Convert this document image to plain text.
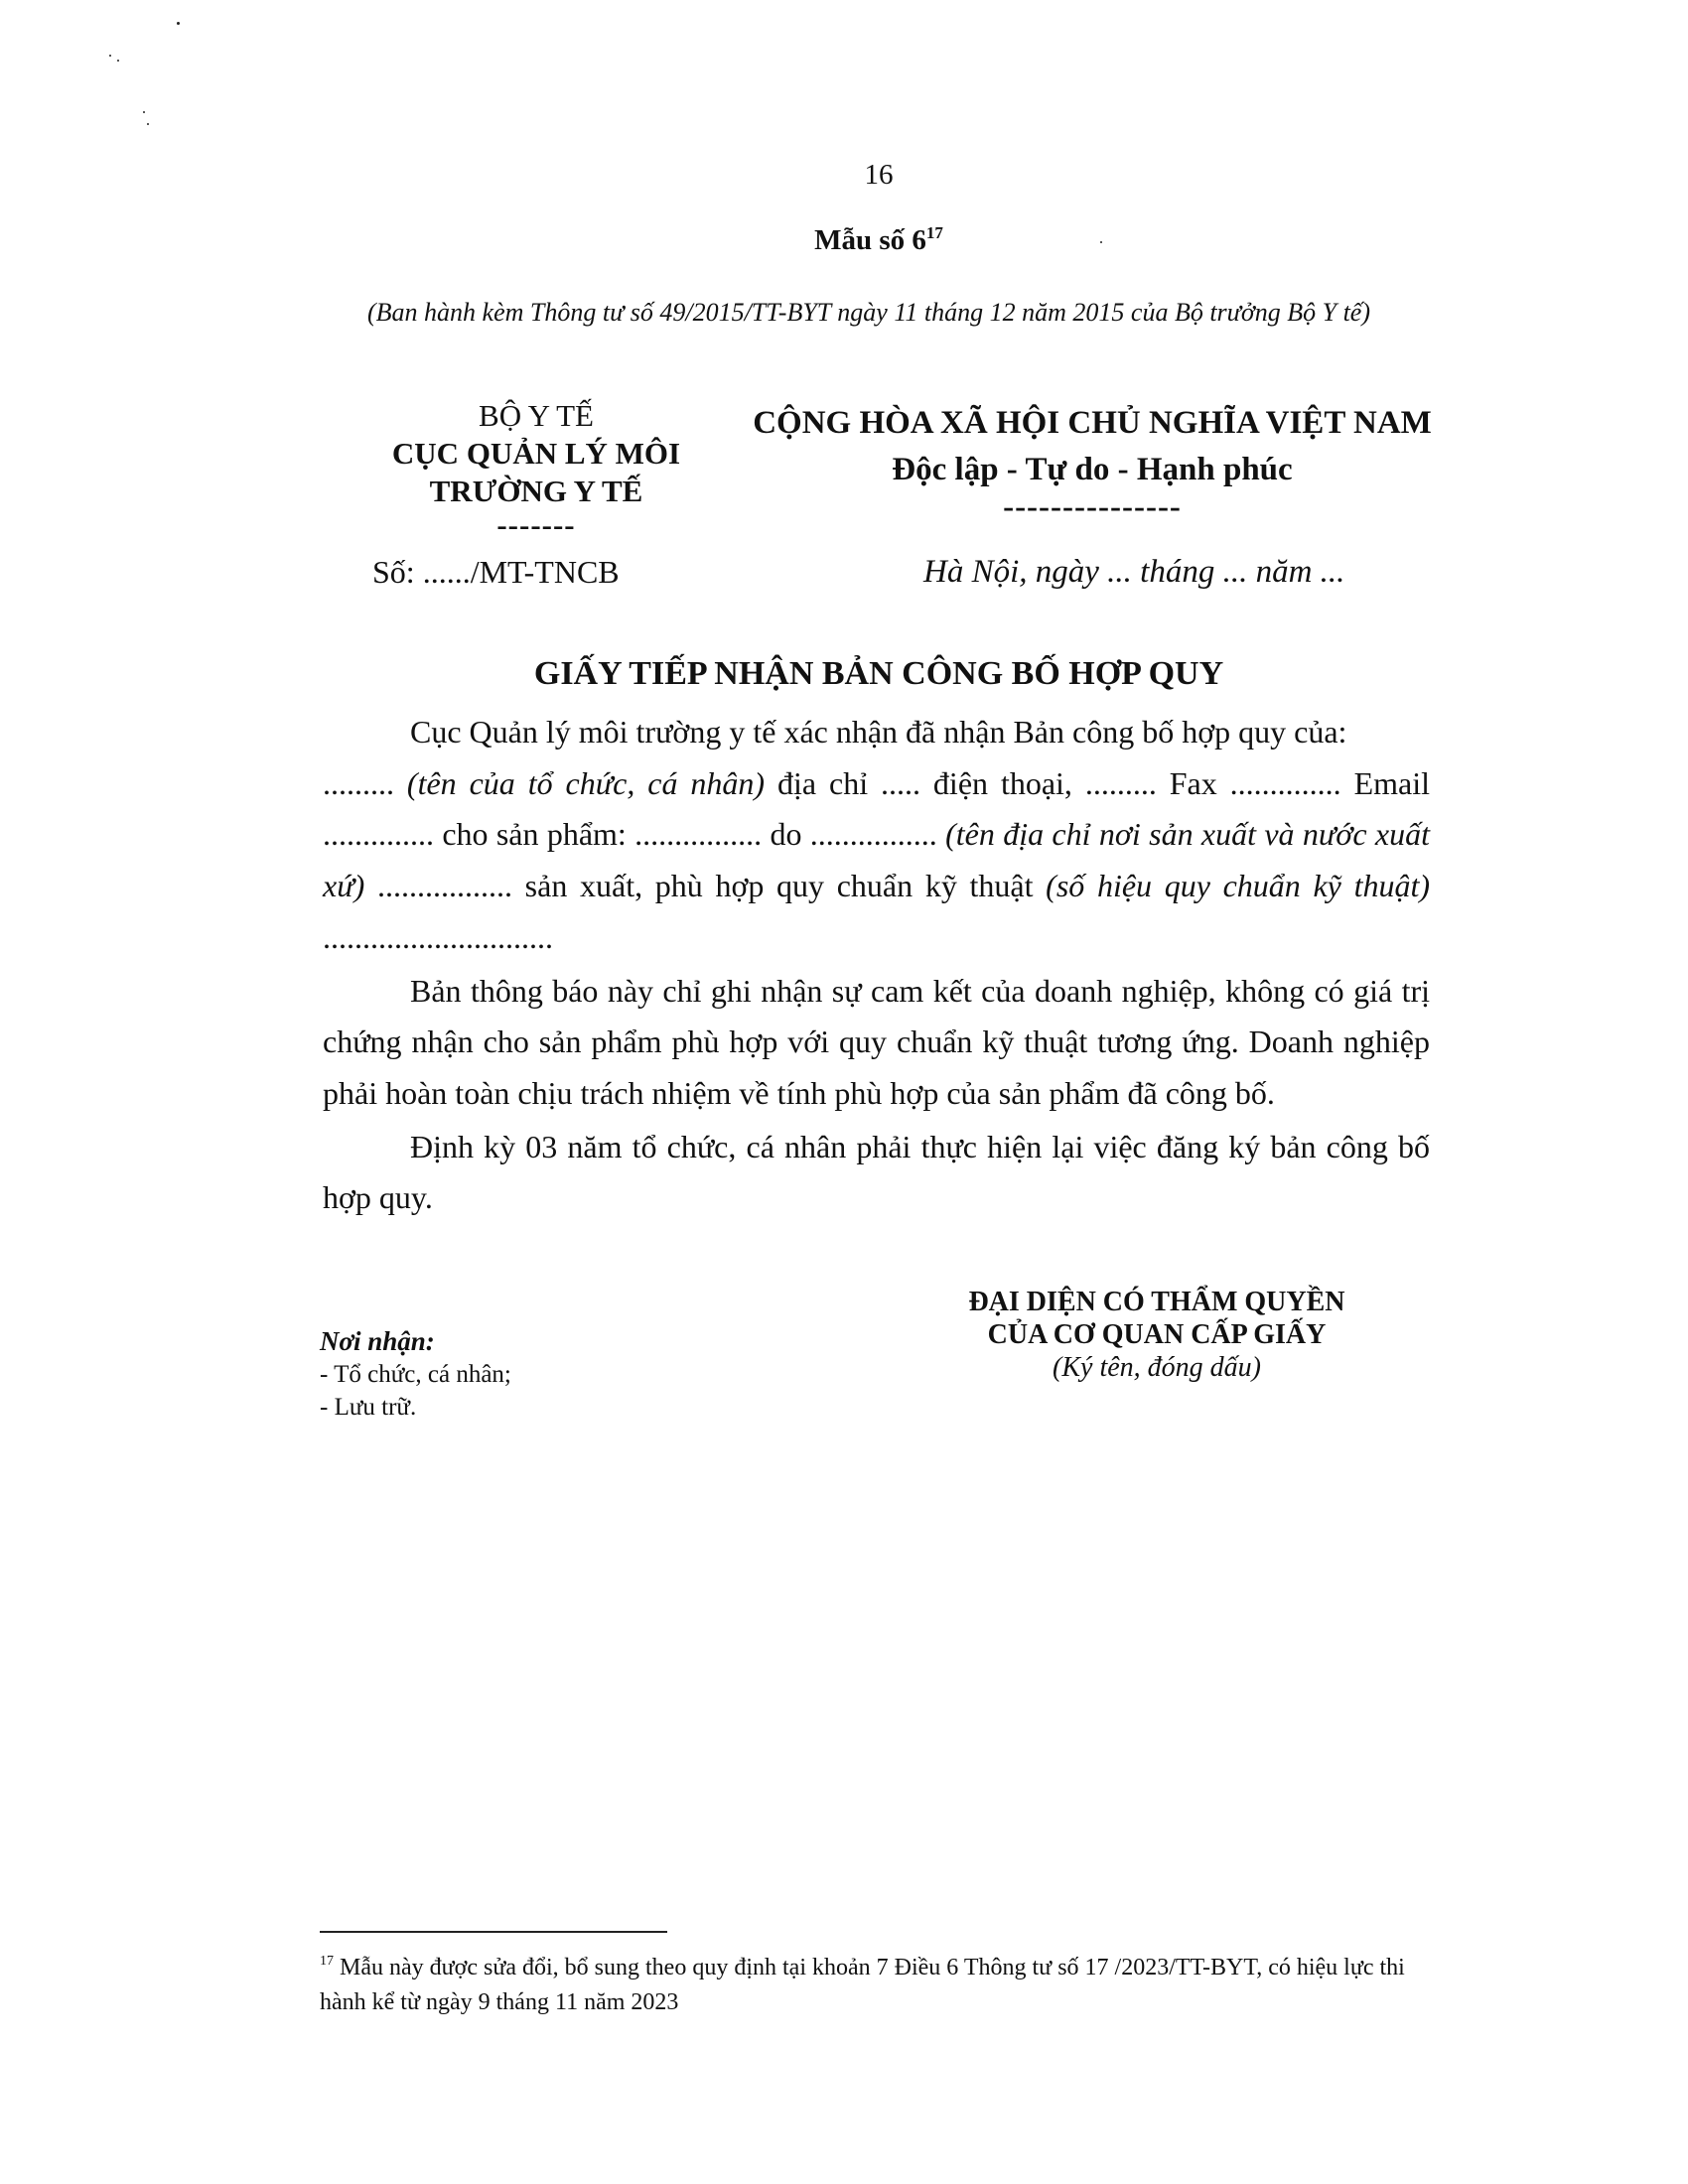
16
Mẫu số $6^{17}$
(Ban hành kèm Thông tư số 49/2015/TT-BYT ngày 11 tháng 12 năm 2015 của Bộ trưởng Bộ Y tế)
BỘ Y TẾ
CỤC QUẢN LÝ MÔI TRƯỜNG Y TẾ
-------
CỘNG HÒA XÃ HỘI CHỦ NGHĨA VIỆT NAM
Độc lập - Tự do - Hạnh phúc
---------------
Số: ....../MT-TNCB	Hà Nội, ngày ... tháng ... năm ...
GIẤY TIẾP NHẬN BẢN CÔNG BỐ HỢP QUY

Cục Quản lý môi trường y tế xác nhận đã nhận Bản công bố hợp quy của:

......... (tên của tổ chức, cá nhân) địa chỉ ..... điện thoại, ......... Fax .............. Email .............. cho sản phẩm: ................ do ................ (tên địa chỉ nơi sản xuất và nước xuất xứ) ................. sản xuất, phù hợp quy chuẩn kỹ thuật (số hiệu quy chuẩn kỹ thuật) .............................

Bản thông báo này chỉ ghi nhận sự cam kết của doanh nghiệp, không có giá trị chứng nhận cho sản phẩm phù hợp với quy chuẩn kỹ thuật tương ứng. Doanh nghiệp phải hoàn toàn chịu trách nhiệm về tính phù hợp của sản phẩm đã công bố.

Định kỳ 03 năm tổ chức, cá nhân phải thực hiện lại việc đăng ký bản công bố hợp quy.

ĐẠI DIỆN CÓ THẨM QUYỀN
CỦA CƠ QUAN CẤP GIẤY
(Ký tên, đóng dấu)
Nơi nhận:
- Tổ chức, cá nhân;
- Lưu trữ.
$^{17}$ Mẫu này được sửa đổi, bổ sung theo quy định tại khoản 7 Điều 6 Thông tư số 17 /2023/TT-BYT, có hiệu lực thi hành kể từ ngày 9 tháng 11 năm 2023
